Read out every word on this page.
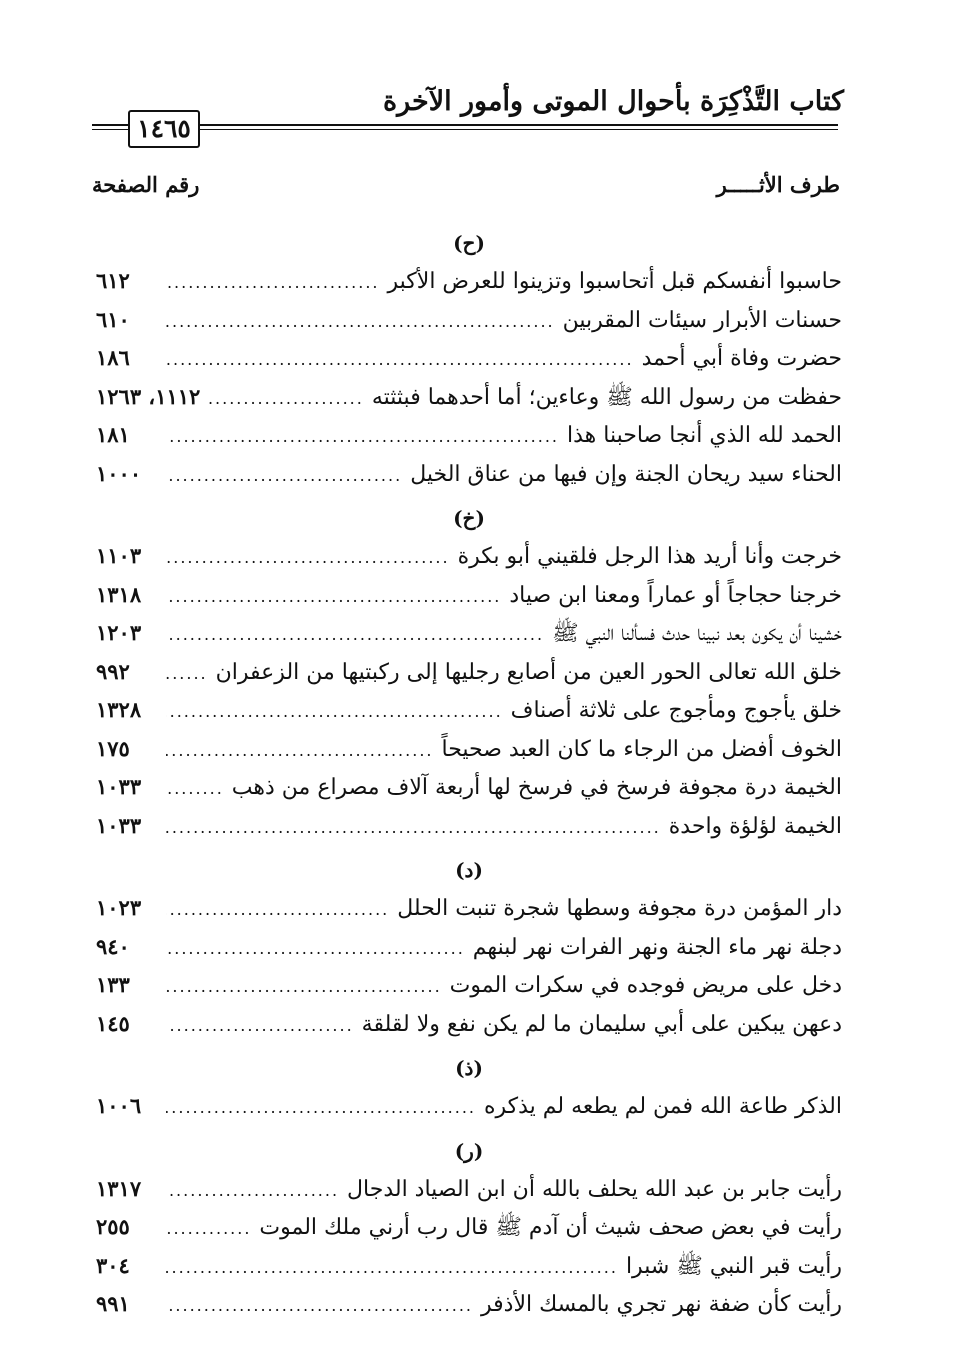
كتاب التَّذْكِرَة بأحوال الموتى وأمور الآخرة
١٤٦٥
طرف الأثـــــر
رقم الصفحة
(ح)
حاسبوا أنفسكم قبل أتحاسبوا وتزينوا للعرض الأكبر
.....
٦١٢
حسنات الأبرار سيئات المقربين
.....
٦١٠
حضرت وفاة أبي أحمد
.....
١٨٦
حفظت من رسول الله ﷺ وعاءين؛ أما أحدهما فبثثته
.....
١١١٢، ١٢٦٣
الحمد لله الذي أنجا صاحبنا هذا
.....
١٨١
الحناء سيد ريحان الجنة وإن فيها من عناق الخيل
.....
١٠٠٠
(خ)
خرجت وأنا أريد هذا الرجل فلقيني أبو بكرة
.....
١١٠٣
خرجنا حجاجاً أو عماراً ومعنا ابن صياد
.....
١٣١٨
خشينا أن يكون بعد نبينا حدث فسألنا النبي ﷺ
.....
١٢٠٣
خلق الله تعالى الحور العين من أصابع رجليها إلى ركبتيها من الزعفران
.....
٩٩٢
خلق يأجوج ومأجوج على ثلاثة أصناف
.....
١٣٢٨
الخوف أفضل من الرجاء ما كان العبد صحيحاً
.....
١٧٥
الخيمة درة مجوفة فرسخ في فرسخ لها أربعة آلاف مصراع من ذهب
.....
١٠٣٣
الخيمة لؤلؤة واحدة
.....
١٠٣٣
(د)
دار المؤمن درة مجوفة وسطها شجرة تنبت الحلل
.....
١٠٢٣
دجلة نهر ماء الجنة ونهر الفرات نهر لبنهم
.....
٩٤٠
دخل على مريض فوجده في سكرات الموت
.....
١٣٣
دعهن يبكين على أبي سليمان ما لم يكن نفع ولا لقلقة
.....
١٤٥
(ذ)
الذكر طاعة الله فمن لم يطعه لم يذكره
.....
١٠٠٦
(ر)
رأيت جابر بن عبد الله يحلف بالله أن ابن الصياد الدجال
.....
١٣١٧
رأيت في بعض صحف شيث أن آدم ﷺ قال رب أرني ملك الموت
.....
٢٥٥
رأيت قبر النبي ﷺ شبرا
.....
٣٠٤
رأيت كأن ضفة نهر تجري بالمسك الأذفر
.....
٩٩١
